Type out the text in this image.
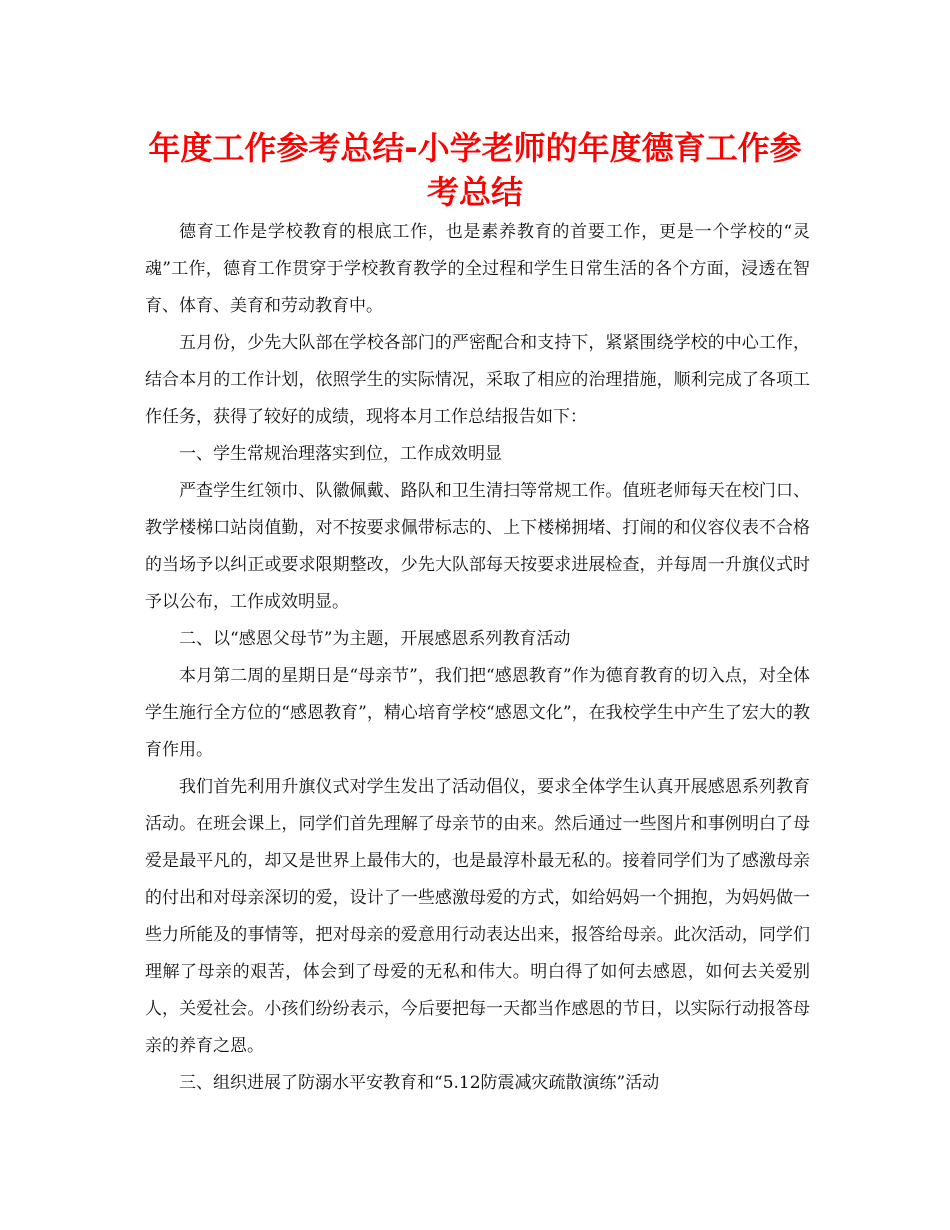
年度工作参考总结-小学老师的年度德育工作参考总结

德育工作是学校教育的根底工作，也是素养教育的首要工作，更是一个学校的“灵魂”工作，德育工作贯穿于学校教育教学的全过程和学生日常生活的各个方面，浸透在智育、体育、美育和劳动教育中。

五月份，少先大队部在学校各部门的严密配合和支持下，紧紧围绕学校的中心工作，结合本月的工作计划，依照学生的实际情况，采取了相应的治理措施，顺利完成了各项工作任务，获得了较好的成绩，现将本月工作总结报告如下：

一、学生常规治理落实到位，工作成效明显

严查学生红领巾、队徽佩戴、路队和卫生清扫等常规工作。值班老师每天在校门口、教学楼梯口站岗值勤，对不按要求佩带标志的、上下楼梯拥堵、打闹的和仪容仪表不合格的当场予以纠正或要求限期整改，少先大队部每天按要求进展检查，并每周一升旗仪式时予以公布，工作成效明显。

二、以“感恩父母节”为主题，开展感恩系列教育活动

本月第二周的星期日是“母亲节”，我们把“感恩教育”作为德育教育的切入点，对全体学生施行全方位的“感恩教育”，精心培育学校“感恩文化”，在我校学生中产生了宏大的教育作用。

我们首先利用升旗仪式对学生发出了活动倡仪，要求全体学生认真开展感恩系列教育活动。在班会课上，同学们首先理解了母亲节的由来。然后通过一些图片和事例明白了母爱是最平凡的，却又是世界上最伟大的，也是最淳朴最无私的。接着同学们为了感激母亲的付出和对母亲深切的爱，设计了一些感激母爱的方式，如给妈妈一个拥抱，为妈妈做一些力所能及的事情等，把对母亲的爱意用行动表达出来，报答给母亲。此次活动，同学们理解了母亲的艰苦，体会到了母爱的无私和伟大。明白得了如何去感恩，如何去关爱别人，关爱社会。小孩们纷纷表示，今后要把每一天都当作感恩的节日，以实际行动报答母亲的养育之恩。

三、组织进展了防溺水平安教育和“5.12防震减灾疏散演练”活动
